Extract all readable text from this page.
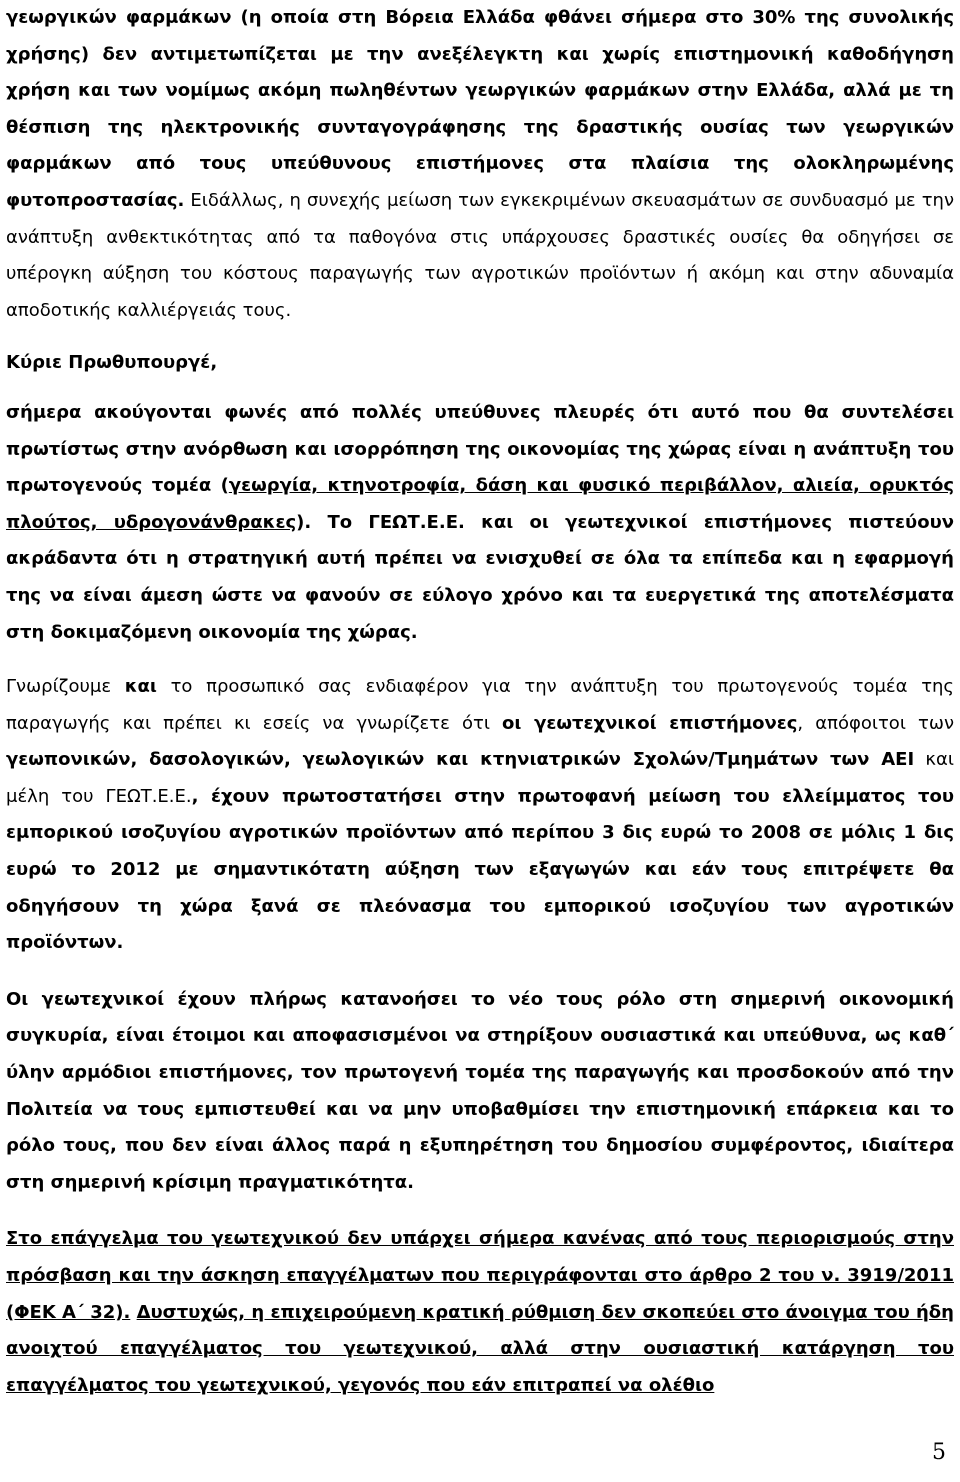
γεωργικών φαρμάκων (η οποία στη Βόρεια Ελλάδα φθάνει σήμερα στο 30% της συνολικής χρήσης) δεν αντιμετωπίζεται με την ανεξέλεγκτη και χωρίς επιστημονική καθοδήγηση χρήση και των νομίμως ακόμη πωληθέντων γεωργικών φαρμάκων στην Ελλάδα, αλλά με τη θέσπιση της ηλεκτρονικής συνταγογράφησης της δραστικής ουσίας των γεωργικών φαρμάκων από τους υπεύθυνους επιστήμονες στα πλαίσια της ολοκληρωμένης φυτοπροστασίας. Ειδάλλως, η συνεχής μείωση των εγκεκριμένων σκευασμάτων σε συνδυασμό με την ανάπτυξη ανθεκτικότητας από τα παθογόνα στις υπάρχουσες δραστικές ουσίες θα οδηγήσει σε υπέρογκη αύξηση του κόστους παραγωγής των αγροτικών προϊόντων ή ακόμη και στην αδυναμία αποδοτικής καλλιέργειάς τους.

Κύριε Πρωθυπουργέ,

σήμερα ακούγονται φωνές από πολλές υπεύθυνες πλευρές ότι αυτό που θα συντελέσει πρωτίστως στην ανόρθωση και ισορρόπηση της οικονομίας της χώρας είναι η ανάπτυξη του πρωτογενούς τομέα (γεωργία, κτηνοτροφία, δάση και φυσικό περιβάλλον, αλιεία, ορυκτός πλούτος, υδρογονάνθρακες). Το ΓΕΩΤ.Ε.Ε. και οι γεωτεχνικοί επιστήμονες πιστεύουν ακράδαντα ότι η στρατηγική αυτή πρέπει να ενισχυθεί σε όλα τα επίπεδα και η εφαρμογή της να είναι άμεση ώστε να φανούν σε εύλογο χρόνο και τα ευεργετικά της αποτελέσματα στη δοκιμαζόμενη οικονομία της χώρας.

Γνωρίζουμε και το προσωπικό σας ενδιαφέρον για την ανάπτυξη του πρωτογενούς τομέα της παραγωγής και πρέπει κι εσείς να γνωρίζετε ότι οι γεωτεχνικοί επιστήμονες, απόφοιτοι των γεωπονικών, δασολογικών, γεωλογικών και κτηνιατρικών Σχολών/Τμημάτων των ΑΕΙ και μέλη του ΓΕΩΤ.Ε.Ε., έχουν πρωτοστατήσει στην πρωτοφανή μείωση του ελλείμματος του εμπορικού ισοζυγίου αγροτικών προϊόντων από περίπου 3 δις ευρώ το 2008 σε μόλις 1 δις ευρώ το 2012 με σημαντικότατη αύξηση των εξαγωγών και εάν τους επιτρέψετε θα οδηγήσουν τη χώρα ξανά σε πλεόνασμα του εμπορικού ισοζυγίου των αγροτικών προϊόντων.

Οι γεωτεχνικοί έχουν πλήρως κατανοήσει το νέο τους ρόλο στη σημερινή οικονομική συγκυρία, είναι έτοιμοι και αποφασισμένοι να στηρίξουν ουσιαστικά και υπεύθυνα, ως καθ΄ ύλην αρμόδιοι επιστήμονες, τον πρωτογενή τομέα της παραγωγής και προσδοκούν από την Πολιτεία να τους εμπιστευθεί και να μην υποβαθμίσει την επιστημονική επάρκεια και το ρόλο τους, που δεν είναι άλλος παρά η εξυπηρέτηση του δημοσίου συμφέροντος, ιδιαίτερα στη σημερινή κρίσιμη πραγματικότητα.

Στο επάγγελμα του γεωτεχνικού δεν υπάρχει σήμερα κανένας από τους περιορισμούς στην πρόσβαση και την άσκηση επαγγέλματων που περιγράφονται στο άρθρο 2 του ν. 3919/2011 (ΦΕΚ Α΄ 32). Δυστυχώς, η επιχειρούμενη κρατική ρύθμιση δεν σκοπεύει στο άνοιγμα του ήδη ανοιχτού επαγγέλματος του γεωτεχνικού, αλλά στην ουσιαστική κατάργηση του επαγγέλματος του γεωτεχνικού, γεγονός που εάν επιτραπεί να ολέθιο

5
